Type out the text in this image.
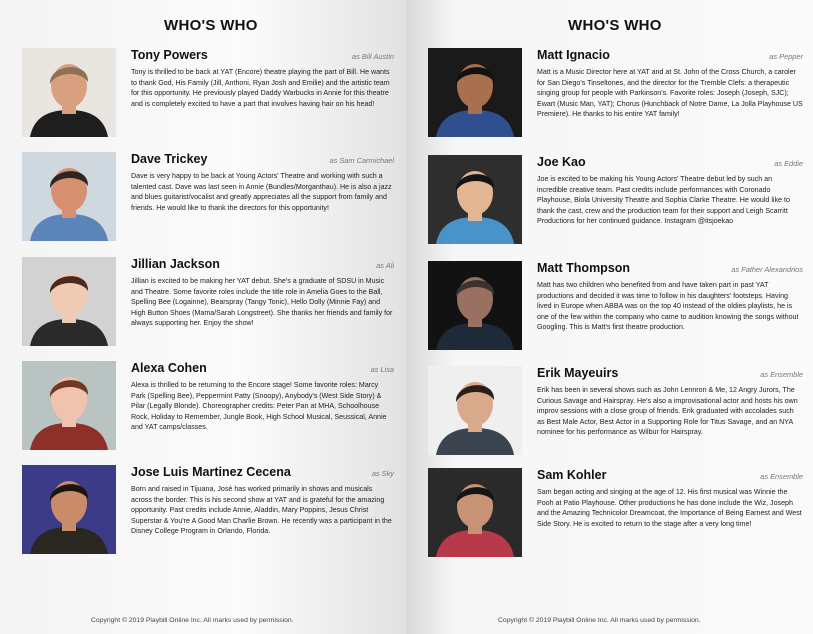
WHO'S WHO
Tony Powers	as Bill Austin

Tony is thrilled to be back at YAT (Encore) theatre playing the part of Bill. He wants to thank God, His Family (Jill, Anthoni, Ryan Josh and Emilie) and the artistic team for this opportunity. He previously played Daddy Warbucks in Annie for this theatre and is completely excited to have a part that involves having hair on his head!

Dave Trickey	as Sam Carmichael

Dave is very happy to be back at Young Actors' Theatre and working with such a talented cast. Dave was last seen in Annie (Bundles/Morganthau). He is also a jazz and blues guitarist/vocalist and greatly appreciates all the support from family and friends. He would like to thank the directors for this opportunity!

Jillian Jackson	as Ali

Jillian is excited to be making her YAT debut. She's a graduate of SDSU in Music and Theatre. Some favorite roles include the title role in Amelia Goes to the Ball, Spelling Bee (Logainne), Bearspray (Tangy Tonic), Hello Dolly (Minnie Fay) and High Button Shoes (Mama/Sarah Longstreet). She thanks her friends and family for always supporting her. Enjoy the show!

Alexa Cohen	as Lisa

Alexa is thrilled to be returning to the Encore stage! Some favorite roles: Marcy Park (Spelling Bee), Peppermint Patty (Snoopy), Anybody's (West Side Story) & Pilar (Legally Blonde). Choreographer credits: Peter Pan at MHA, Schoolhouse Rock, Holiday to Remember, Jungle Book, High School Musical, Seussical, Annie and YAT camps/classes.

Jose Luis Martinez Cecena	as Sky

Born and raised in Tijuana, José has worked primarily in shows and musicals across the border. This is his second show at YAT and is grateful for the amazing opportunity. Past credits include Annie, Aladdin, Mary Poppins, Jesus Christ Superstar & You're A Good Man Charlie Brown. He recently was a participant in the Disney College Program in Orlando, Florida.

Copyright © 2019 Playbill Online Inc. All marks used by permission.
WHO'S WHO
Matt Ignacio	as Pepper

Matt is a Music Director here at YAT and at St. John of the Cross Church, a caroler for San Diego's Tinseltones, and the director for the Tremble Clefs: a therapeutic singing group for people with Parkinson's. Favorite roles: Joseph (Joseph, SJC); Ewart (Music Man, YAT); Chorus (Hunchback of Notre Dame, La Jolla Playhouse US Premiere). He thanks to his entire YAT family!

Joe Kao	as Eddie

Joe is excited to be making his Young Actors' Theatre debut led by such an incredible creative team. Past credits include performances with Coronado Playhouse, Biola University Theatre and Sophia Clarke Theatre. He would like to thank the cast, crew and the production team for their support and Leigh Scarritt Productions for her continued guidance. Instagram @itsjoekao

Matt Thompson	as Father Alexandrios

Matt has two children who benefited from and have taken part in past YAT productions and decided it was time to follow in his daughters' footsteps. Having lived in Europe when ABBA was on the top 40 instead of the oldies playlists, he is one of the few within the company who came to audition knowing the songs without Googling. This is Matt's first theatre production.

Erik Mayeuirs	as Ensemble

Erik has been in several shows such as John Lennron & Me, 12 Angry Jurors, The Curious Savage and Hairspray. He's also a improvisational actor and hosts his own improv sessions with a close group of friends. Erik graduated with accolades such as Best Male Actor, Best Actor in a Supporting Role for Titus Savage, and an NYA nominee for his performance as Wilbur for Hairspray.

Sam Kohler	as Ensemble

Sam began acting and singing at the age of 12. His first musical was Winnie the Pooh at Patio Playhouse. Other productions he has done include the Wiz, Joseph and the Amazing Technicolor Dreamcoat, the Importance of Being Earnest and West Side Story. He is excited to return to the stage after a very long time!

Copyright © 2019 Playbill Online Inc. All marks used by permission.
